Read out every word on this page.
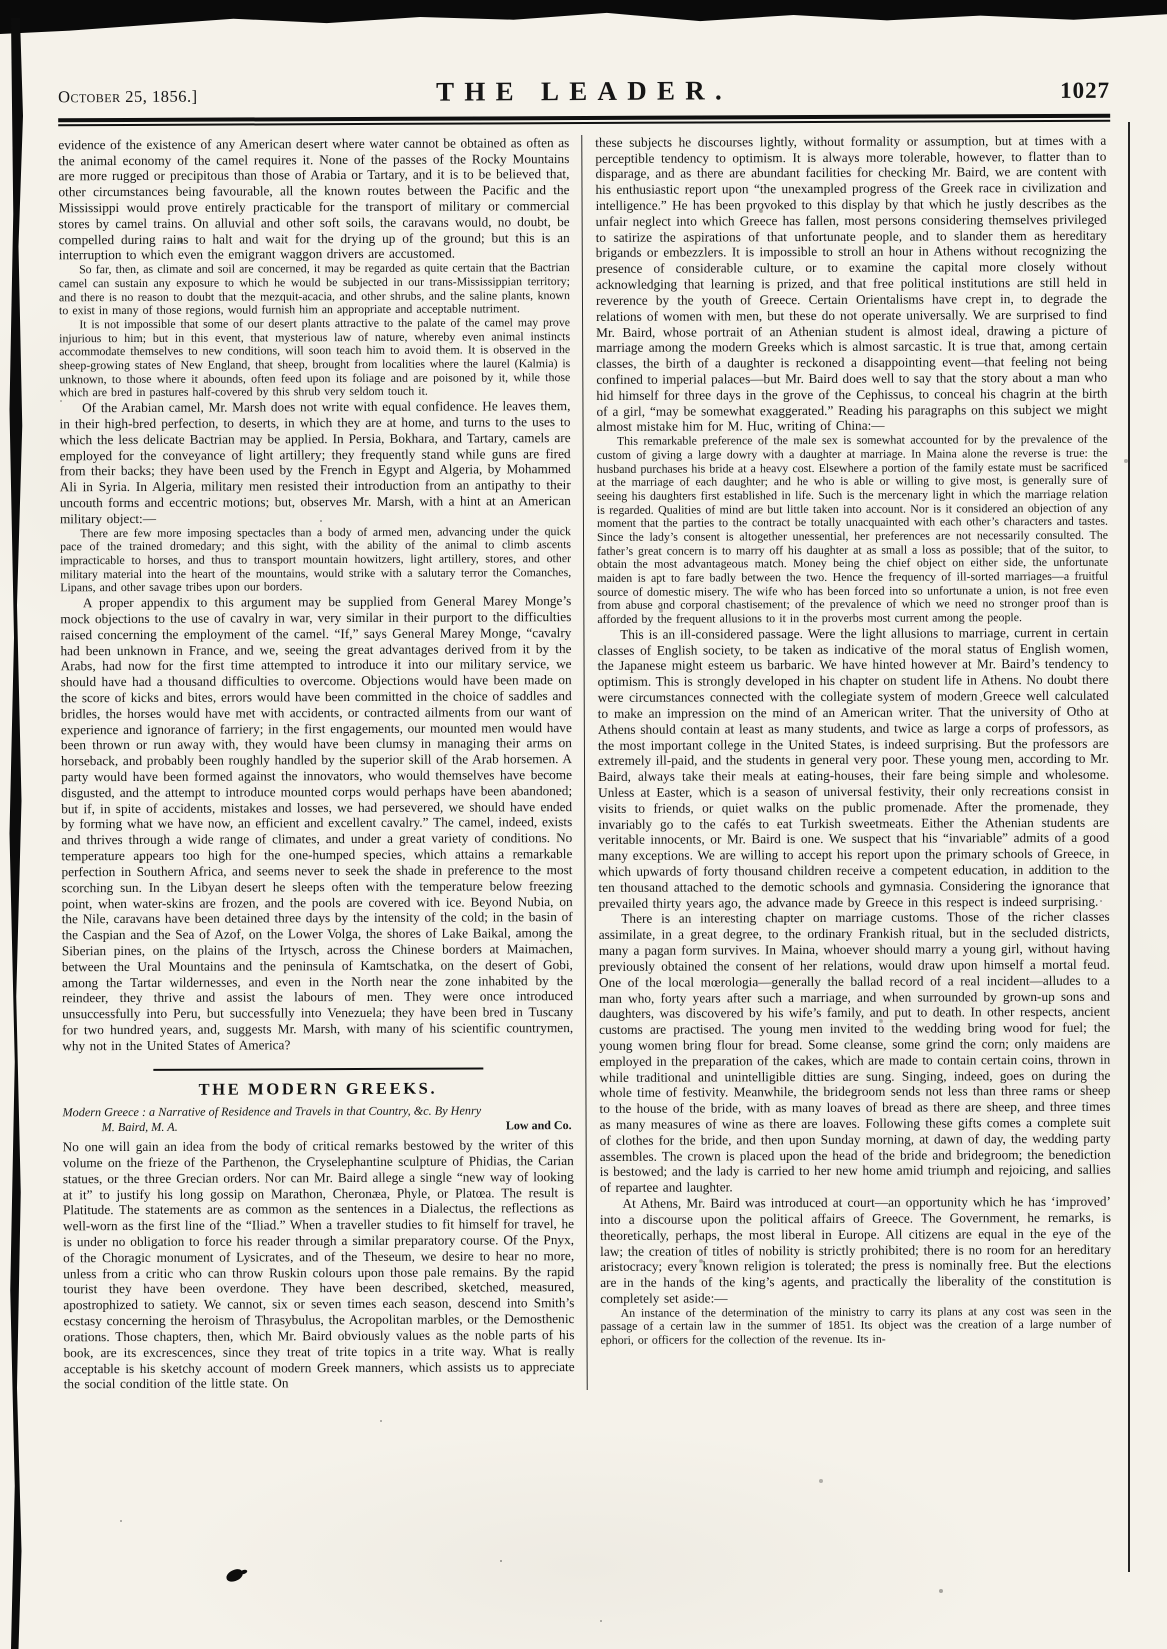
October 25, 1856.]	THE LEADER.	1027

evidence of the existence of any American desert where water cannot be obtained as often as the animal economy of the camel requires it. None of the passes of the Rocky Mountains are more rugged or precipitous than those of Arabia or Tartary, and it is to be believed that, other circumstances being favourable, all the known routes between the Pacific and the Mississippi would prove entirely practicable for the transport of military or commercial stores by camel trains. On alluvial and other soft soils, the caravans would, no doubt, be compelled during rains to halt and wait for the drying up of the ground; but this is an interruption to which even the emigrant waggon drivers are accustomed.

So far, then, as climate and soil are concerned, it may be regarded as quite certain that the Bactrian camel can sustain any exposure to which he would be subjected in our trans-Mississippian territory; and there is no reason to doubt that the mezquit-acacia, and other shrubs, and the saline plants, known to exist in many of those regions, would furnish him an appropriate and acceptable nutriment.

It is not impossible that some of our desert plants attractive to the palate of the camel may prove injurious to him; but in this event, that mysterious law of nature, whereby even animal instincts accommodate themselves to new conditions, will soon teach him to avoid them. It is observed in the sheep-growing states of New England, that sheep, brought from localities where the laurel (Kalmia) is unknown, to those where it abounds, often feed upon its foliage and are poisoned by it, while those which are bred in pastures half-covered by this shrub very seldom touch it.

Of the Arabian camel, Mr. Marsh does not write with equal confidence. He leaves them, in their high-bred perfection, to deserts, in which they are at home, and turns to the uses to which the less delicate Bactrian may be applied. In Persia, Bokhara, and Tartary, camels are employed for the conveyance of light artillery; they frequently stand while guns are fired from their backs; they have been used by the French in Egypt and Algeria, by Mohammed Ali in Syria. In Algeria, military men resisted their introduction from an antipathy to their uncouth forms and eccentric motions; but, observes Mr. Marsh, with a hint at an American military object:—

There are few more imposing spectacles than a body of armed men, advancing under the quick pace of the trained dromedary; and this sight, with the ability of the animal to climb ascents impracticable to horses, and thus to transport mountain howitzers, light artillery, stores, and other military material into the heart of the mountains, would strike with a salutary terror the Comanches, Lipans, and other savage tribes upon our borders.

A proper appendix to this argument may be supplied from General Marey Monge’s mock objections to the use of cavalry in war, very similar in their purport to the difficulties raised concerning the employment of the camel. “If,” says General Marey Monge, “cavalry had been unknown in France, and we, seeing the great advantages derived from it by the Arabs, had now for the first time attempted to introduce it into our military service, we should have had a thousand difficulties to overcome. Objections would have been made on the score of kicks and bites, errors would have been committed in the choice of saddles and bridles, the horses would have met with accidents, or contracted ailments from our want of experience and ignorance of farriery; in the first engagements, our mounted men would have been thrown or run away with, they would have been clumsy in managing their arms on horseback, and probably been roughly handled by the superior skill of the Arab horsemen. A party would have been formed against the innovators, who would themselves have become disgusted, and the attempt to introduce mounted corps would perhaps have been abandoned; but if, in spite of accidents, mistakes and losses, we had persevered, we should have ended by forming what we have now, an efficient and excellent cavalry.” The camel, indeed, exists and thrives through a wide range of climates, and under a great variety of conditions. No temperature appears too high for the one-humped species, which attains a remarkable perfection in Southern Africa, and seems never to seek the shade in preference to the most scorching sun. In the Libyan desert he sleeps often with the temperature below freezing point, when water-skins are frozen, and the pools are covered with ice. Beyond Nubia, on the Nile, caravans have been detained three days by the intensity of the cold; in the basin of the Caspian and the Sea of Azof, on the Lower Volga, the shores of Lake Baikal, among the Siberian pines, on the plains of the Irtysch, across the Chinese borders at Maimachen, between the Ural Mountains and the peninsula of Kamtschatka, on the desert of Gobi, among the Tartar wildernesses, and even in the North near the zone inhabited by the reindeer, they thrive and assist the labours of men. They were once introduced unsuccessfully into Peru, but successfully into Venezuela; they have been bred in Tuscany for two hundred years, and, suggests Mr. Marsh, with many of his scientific countrymen, why not in the United States of America?

THE MODERN GREEKS.
Modern Greece : a Narrative of Residence and Travels in that Country, &c. By Henry M. Baird, M. A.	Low and Co.

No one will gain an idea from the body of critical remarks bestowed by the writer of this volume on the frieze of the Parthenon, the Cryselephantine sculpture of Phidias, the Carian statues, or the three Grecian orders. Nor can Mr. Baird allege a single “new way of looking at it” to justify his long gossip on Marathon, Cheronæa, Phyle, or Platœa. The result is Platitude. The statements are as common as the sentences in a Dialectus, the reflections as well-worn as the first line of the “Iliad.” When a traveller studies to fit himself for travel, he is under no obligation to force his reader through a similar preparatory course. Of the Pnyx, of the Choragic monument of Lysicrates, and of the Theseum, we desire to hear no more, unless from a critic who can throw Ruskin colours upon those pale remains. By the rapid tourist they have been overdone. They have been described, sketched, measured, apostrophized to satiety. We cannot, six or seven times each season, descend into Smith’s ecstasy concerning the heroism of Thrasybulus, the Acropolitan marbles, or the Demosthenic orations. Those chapters, then, which Mr. Baird obviously values as the noble parts of his book, are its excrescences, since they treat of trite topics in a trite way. What is really acceptable is his sketchy account of modern Greek manners, which assists us to appreciate the social condition of the little state. On

these subjects he discourses lightly, without formality or assumption, but at times with a perceptible tendency to optimism. It is always more tolerable, however, to flatter than to disparage, and as there are abundant facilities for checking Mr. Baird, we are content with his enthusiastic report upon “the unexampled progress of the Greek race in civilization and intelligence.” He has been provoked to this display by that which he justly describes as the unfair neglect into which Greece has fallen, most persons considering themselves privileged to satirize the aspirations of that unfortunate people, and to slander them as hereditary brigands or embezzlers. It is impossible to stroll an hour in Athens without recognizing the presence of considerable culture, or to examine the capital more closely without acknowledging that learning is prized, and that free political institutions are still held in reverence by the youth of Greece. Certain Orientalisms have crept in, to degrade the relations of women with men, but these do not operate universally. We are surprised to find Mr. Baird, whose portrait of an Athenian student is almost ideal, drawing a picture of marriage among the modern Greeks which is almost sarcastic. It is true that, among certain classes, the birth of a daughter is reckoned a disappointing event—that feeling not being confined to imperial palaces—but Mr. Baird does well to say that the story about a man who hid himself for three days in the grove of the Cephissus, to conceal his chagrin at the birth of a girl, “may be somewhat exaggerated.” Reading his paragraphs on this subject we might almost mistake him for M. Huc, writing of China:—

This remarkable preference of the male sex is somewhat accounted for by the prevalence of the custom of giving a large dowry with a daughter at marriage. In Maina alone the reverse is true: the husband purchases his bride at a heavy cost. Elsewhere a portion of the family estate must be sacrificed at the marriage of each daughter; and he who is able or willing to give most, is generally sure of seeing his daughters first established in life. Such is the mercenary light in which the marriage relation is regarded. Qualities of mind are but little taken into account. Nor is it considered an objection of any moment that the parties to the contract be totally unacquainted with each other’s characters and tastes. Since the lady’s consent is altogether unessential, her preferences are not necessarily consulted. The father’s great concern is to marry off his daughter at as small a loss as possible; that of the suitor, to obtain the most advantageous match. Money being the chief object on either side, the unfortunate maiden is apt to fare badly between the two. Hence the frequency of ill-sorted marriages—a fruitful source of domestic misery. The wife who has been forced into so unfortunate a union, is not free even from abuse and corporal chastisement; of the prevalence of which we need no stronger proof than is afforded by the frequent allusions to it in the proverbs most current among the people.

This is an ill-considered passage. Were the light allusions to marriage, current in certain classes of English society, to be taken as indicative of the moral status of English women, the Japanese might esteem us barbaric. We have hinted however at Mr. Baird’s tendency to optimism. This is strongly developed in his chapter on student life in Athens. No doubt there were circumstances connected with the collegiate system of modern Greece well calculated to make an impression on the mind of an American writer. That the university of Otho at Athens should contain at least as many students, and twice as large a corps of professors, as the most important college in the United States, is indeed surprising. But the professors are extremely ill-paid, and the students in general very poor. These young men, according to Mr. Baird, always take their meals at eating-houses, their fare being simple and wholesome. Unless at Easter, which is a season of universal festivity, their only recreations consist in visits to friends, or quiet walks on the public promenade. After the promenade, they invariably go to the cafés to eat Turkish sweetmeats. Either the Athenian students are veritable innocents, or Mr. Baird is one. We suspect that his “invariable” admits of a good many exceptions. We are willing to accept his report upon the primary schools of Greece, in which upwards of forty thousand children receive a competent education, in addition to the ten thousand attached to the demotic schools and gymnasia. Considering the ignorance that prevailed thirty years ago, the advance made by Greece in this respect is indeed surprising.

There is an interesting chapter on marriage customs. Those of the richer classes assimilate, in a great degree, to the ordinary Frankish ritual, but in the secluded districts, many a pagan form survives. In Maina, whoever should marry a young girl, without having previously obtained the consent of her relations, would draw upon himself a mortal feud. One of the local mœrologia—generally the ballad record of a real incident—alludes to a man who, forty years after such a marriage, and when surrounded by grown-up sons and daughters, was discovered by his wife’s family, and put to death. In other respects, ancient customs are practised. The young men invited to the wedding bring wood for fuel; the young women bring flour for bread. Some cleanse, some grind the corn; only maidens are employed in the preparation of the cakes, which are made to contain certain coins, thrown in while traditional and unintelligible ditties are sung. Singing, indeed, goes on during the whole time of festivity. Meanwhile, the bridegroom sends not less than three rams or sheep to the house of the bride, with as many loaves of bread as there are sheep, and three times as many measures of wine as there are loaves. Following these gifts comes a complete suit of clothes for the bride, and then upon Sunday morning, at dawn of day, the wedding party assembles. The crown is placed upon the head of the bride and bridegroom; the benediction is bestowed; and the lady is carried to her new home amid triumph and rejoicing, and sallies of repartee and laughter.

At Athens, Mr. Baird was introduced at court—an opportunity which he has ‘improved’ into a discourse upon the political affairs of Greece. The Government, he remarks, is theoretically, perhaps, the most liberal in Europe. All citizens are equal in the eye of the law; the creation of titles of nobility is strictly prohibited; there is no room for an hereditary aristocracy; every known religion is tolerated; the press is nominally free. But the elections are in the hands of the king’s agents, and practically the liberality of the constitution is completely set aside:—

An instance of the determination of the ministry to carry its plans at any cost was seen in the passage of a certain law in the summer of 1851. Its object was the creation of a large number of ephori, or officers for the collection of the revenue. Its in-
